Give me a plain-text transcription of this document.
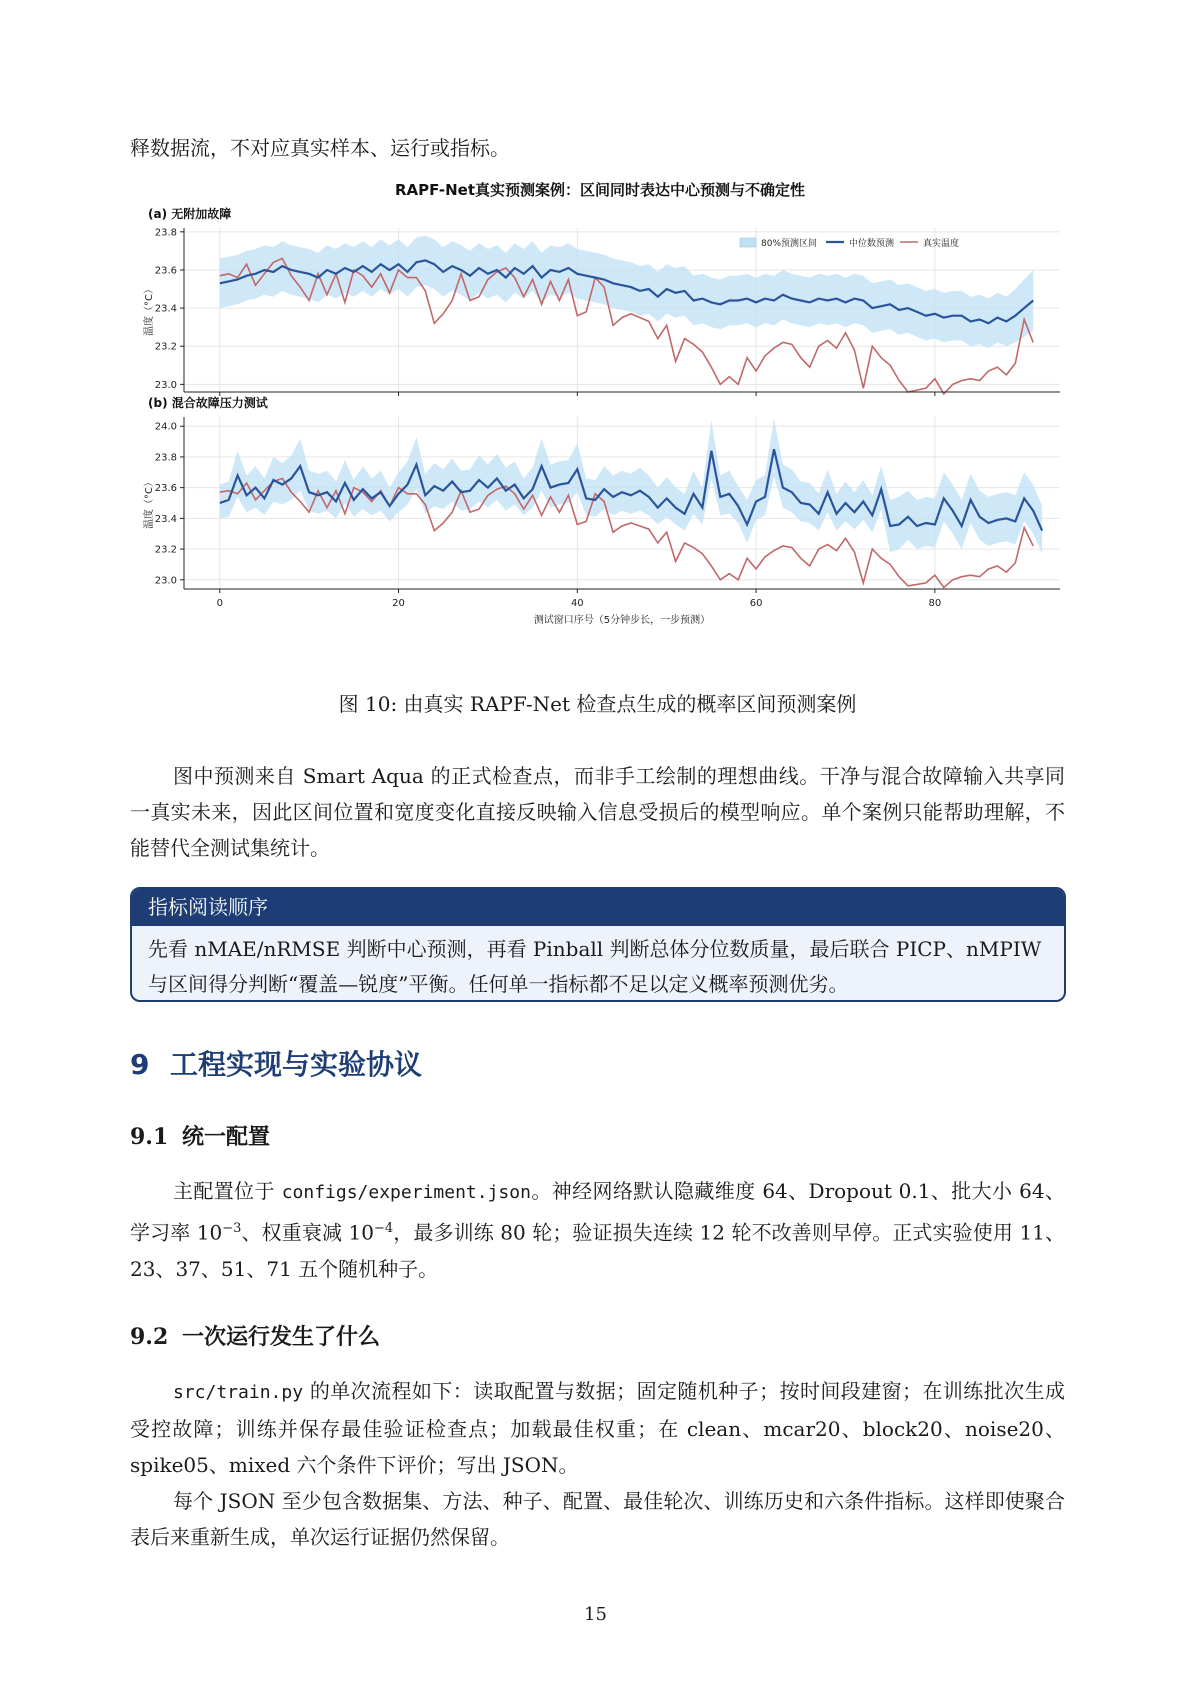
释数据流，不对应真实样本、运行或指标。

RAPF-Net真实预测案例：区间同时表达中心预测与不确定性
(a) 无附加故障
23.0
23.2
23.4
23.6
23.8
温度（°C）
(b) 混合故障压力测试
23.0
23.2
23.4
23.6
23.8
24.0
温度（°C）
0	20	40	60	80
测试窗口序号（5分钟步长，一步预测）
80%预测区间	中位数预测	真实温度
图 10: 由真实 RAPF-Net 检查点生成的概率区间预测案例

图中预测来自 Smart Aqua 的正式检查点，而非手工绘制的理想曲线。干净与混合故障输入共享同一真实未来，因此区间位置和宽度变化直接反映输入信息受损后的模型响应。单个案例只能帮助理解，不能替代全测试集统计。

指标阅读顺序
先看 nMAE/nRMSE 判断中心预测，再看 Pinball 判断总体分位数质量，最后联合 PICP、nMPIW 与区间得分判断“覆盖—锐度”平衡。任何单一指标都不足以定义概率预测优劣。
9 工程实现与实验协议
9.1 统一配置

主配置位于 configs/experiment.json。神经网络默认隐藏维度 64、Dropout 0.1、批大小 64、学习率 $10^{-3}$、权重衰减 $10^{-4}$，最多训练 80 轮；验证损失连续 12 轮不改善则早停。正式实验使用 11、23、37、51、71 五个随机种子。

9.2 一次运行发生了什么

src/train.py 的单次流程如下：读取配置与数据；固定随机种子；按时间段建窗；在训练批次生成受控故障；训练并保存最佳验证检查点；加载最佳权重；在 clean、mcar20、block20、noise20、spike05、mixed 六个条件下评价；写出 JSON。

每个 JSON 至少包含数据集、方法、种子、配置、最佳轮次、训练历史和六条件指标。这样即使聚合表后来重新生成，单次运行证据仍然保留。

15
